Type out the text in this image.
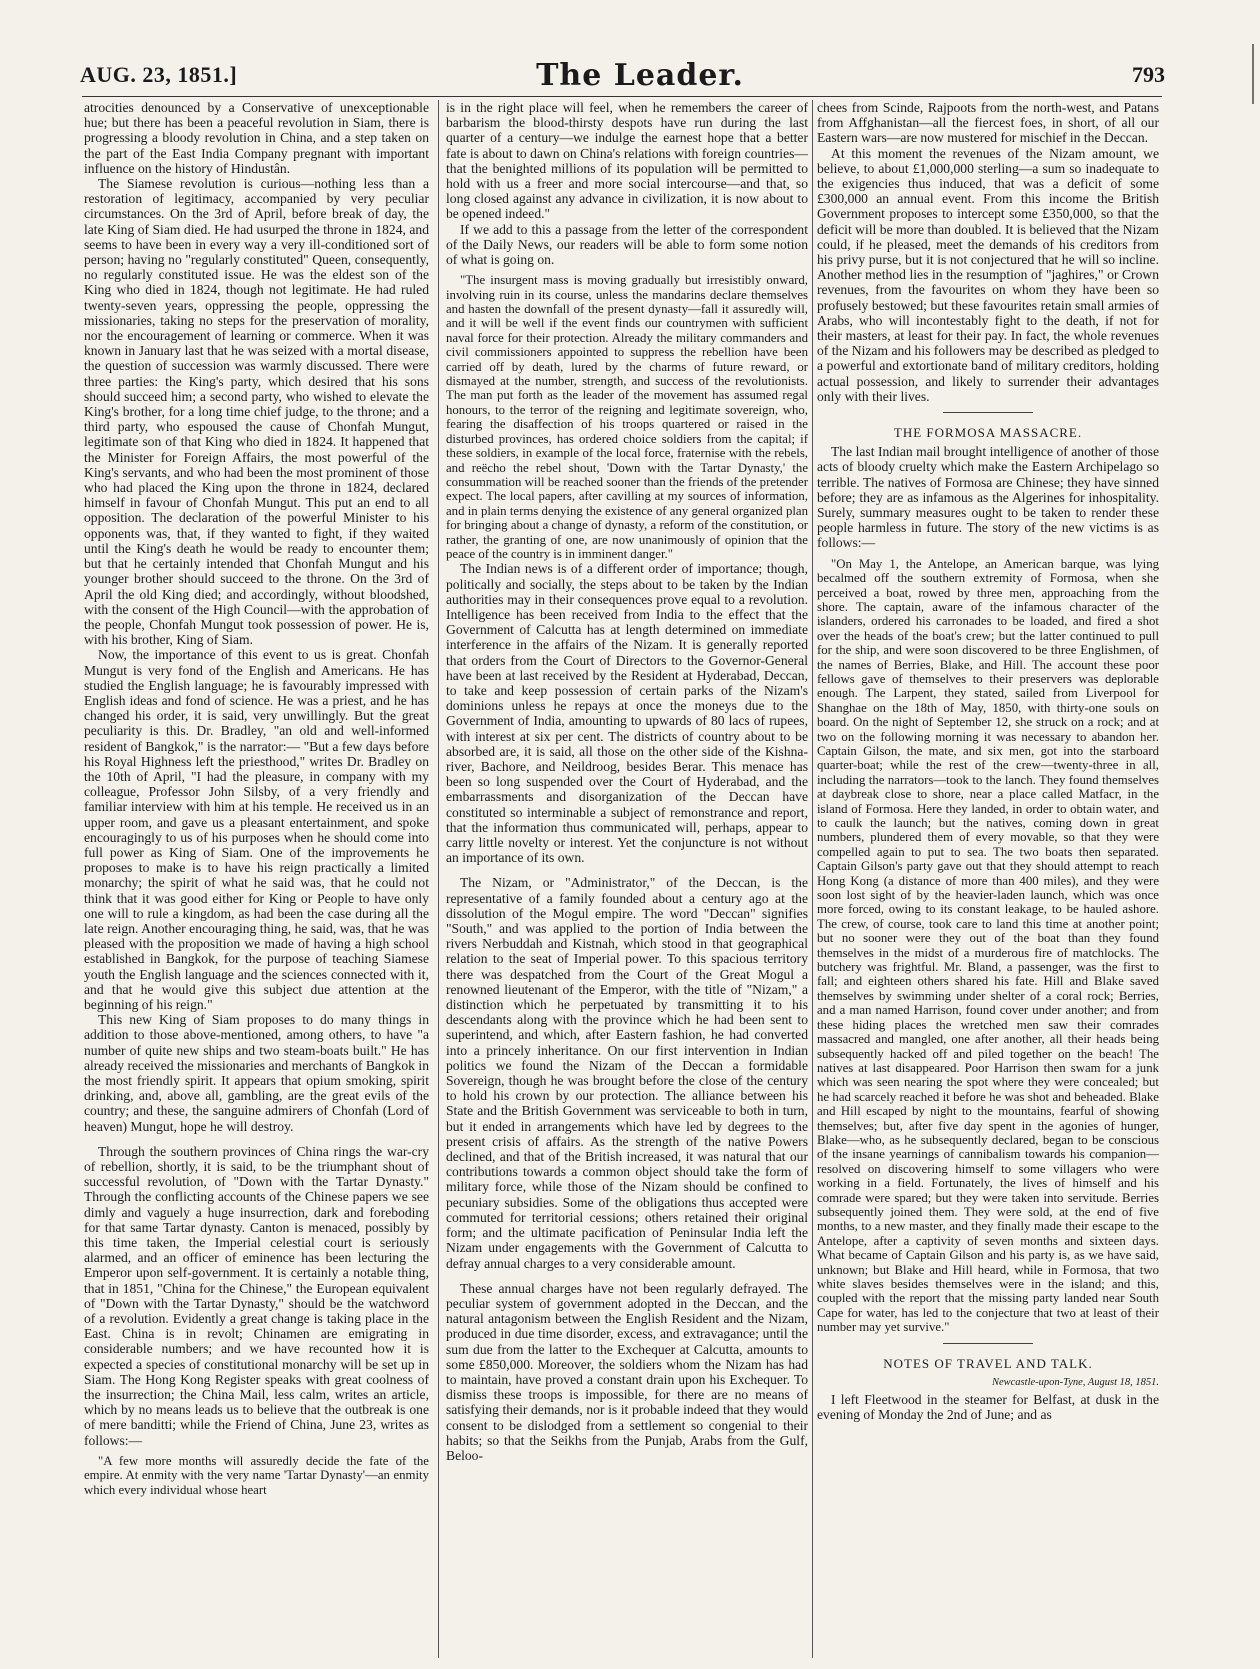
AUG. 23, 1851.]	The Leader.	793

atrocities denounced by a Conservative of unexceptionable hue; but there has been a peaceful revolution in Siam, there is progressing a bloody revolution in China, and a step taken on the part of the East India Company pregnant with important influence on the history of Hindustân.

The Siamese revolution is curious—nothing less than a restoration of legitimacy, accompanied by very peculiar circumstances. On the 3rd of April, before break of day, the late King of Siam died. He had usurped the throne in 1824, and seems to have been in every way a very ill-conditioned sort of person; having no "regularly constituted" Queen, consequently, no regularly constituted issue. He was the eldest son of the King who died in 1824, though not legitimate. He had ruled twenty-seven years, oppressing the people, oppressing the missionaries, taking no steps for the preservation of morality, nor the encouragement of learning or commerce. When it was known in January last that he was seized with a mortal disease, the question of succession was warmly discussed. There were three parties: the King's party, which desired that his sons should succeed him; a second party, who wished to elevate the King's brother, for a long time chief judge, to the throne; and a third party, who espoused the cause of Chonfah Mungut, legitimate son of that King who died in 1824. It happened that the Minister for Foreign Affairs, the most powerful of the King's servants, and who had been the most prominent of those who had placed the King upon the throne in 1824, declared himself in favour of Chonfah Mungut. This put an end to all opposition. The declaration of the powerful Minister to his opponents was, that, if they wanted to fight, if they waited until the King's death he would be ready to encounter them; but that he certainly intended that Chonfah Mungut and his younger brother should succeed to the throne. On the 3rd of April the old King died; and accordingly, without bloodshed, with the consent of the High Council—with the approbation of the people, Chonfah Mungut took possession of power. He is, with his brother, King of Siam.

Now, the importance of this event to us is great. Chonfah Mungut is very fond of the English and Americans. He has studied the English language; he is favourably impressed with English ideas and fond of science. He was a priest, and he has changed his order, it is said, very unwillingly. But the great peculiarity is this. Dr. Bradley, "an old and well-informed resident of Bangkok," is the narrator:— "But a few days before his Royal Highness left the priesthood," writes Dr. Bradley on the 10th of April, "I had the pleasure, in company with my colleague, Professor John Silsby, of a very friendly and familiar interview with him at his temple. He received us in an upper room, and gave us a pleasant entertainment, and spoke encouragingly to us of his purposes when he should come into full power as King of Siam. One of the improvements he proposes to make is to have his reign practically a limited monarchy; the spirit of what he said was, that he could not think that it was good either for King or People to have only one will to rule a kingdom, as had been the case during all the late reign. Another encouraging thing, he said, was, that he was pleased with the proposition we made of having a high school established in Bangkok, for the purpose of teaching Siamese youth the English language and the sciences connected with it, and that he would give this subject due attention at the beginning of his reign."

This new King of Siam proposes to do many things in addition to those above-mentioned, among others, to have "a number of quite new ships and two steam-boats built." He has already received the missionaries and merchants of Bangkok in the most friendly spirit. It appears that opium smoking, spirit drinking, and, above all, gambling, are the great evils of the country; and these, the sanguine admirers of Chonfah (Lord of heaven) Mungut, hope he will destroy.

Through the southern provinces of China rings the war-cry of rebellion, shortly, it is said, to be the triumphant shout of successful revolution, of "Down with the Tartar Dynasty." Through the conflicting accounts of the Chinese papers we see dimly and vaguely a huge insurrection, dark and foreboding for that same Tartar dynasty. Canton is menaced, possibly by this time taken, the Imperial celestial court is seriously alarmed, and an officer of eminence has been lecturing the Emperor upon self-government. It is certainly a notable thing, that in 1851, "China for the Chinese," the European equivalent of "Down with the Tartar Dynasty," should be the watchword of a revolution. Evidently a great change is taking place in the East. China is in revolt; Chinamen are emigrating in considerable numbers; and we have recounted how it is expected a species of constitutional monarchy will be set up in Siam. The Hong Kong Register speaks with great coolness of the insurrection; the China Mail, less calm, writes an article, which by no means leads us to believe that the outbreak is one of mere banditti; while the Friend of China, June 23, writes as follows:—

"A few more months will assuredly decide the fate of the empire. At enmity with the very name 'Tartar Dynasty'—an enmity which every individual whose heart

is in the right place will feel, when he remembers the career of barbarism the blood-thirsty despots have run during the last quarter of a century—we indulge the earnest hope that a better fate is about to dawn on China's relations with foreign countries—that the benighted millions of its population will be permitted to hold with us a freer and more social intercourse—and that, so long closed against any advance in civilization, it is now about to be opened indeed."

If we add to this a passage from the letter of the correspondent of the Daily News, our readers will be able to form some notion of what is going on.

"The insurgent mass is moving gradually but irresistibly onward, involving ruin in its course, unless the mandarins declare themselves and hasten the downfall of the present dynasty—fall it assuredly will, and it will be well if the event finds our countrymen with sufficient naval force for their protection. Already the military commanders and civil commissioners appointed to suppress the rebellion have been carried off by death, lured by the charms of future reward, or dismayed at the number, strength, and success of the revolutionists. The man put forth as the leader of the movement has assumed regal honours, to the terror of the reigning and legitimate sovereign, who, fearing the disaffection of his troops quartered or raised in the disturbed provinces, has ordered choice soldiers from the capital; if these soldiers, in example of the local force, fraternise with the rebels, and reëcho the rebel shout, 'Down with the Tartar Dynasty,' the consummation will be reached sooner than the friends of the pretender expect. The local papers, after cavilling at my sources of information, and in plain terms denying the existence of any general organized plan for bringing about a change of dynasty, a reform of the constitution, or rather, the granting of one, are now unanimously of opinion that the peace of the country is in imminent danger."

The Indian news is of a different order of importance; though, politically and socially, the steps about to be taken by the Indian authorities may in their consequences prove equal to a revolution. Intelligence has been received from India to the effect that the Government of Calcutta has at length determined on immediate interference in the affairs of the Nizam. It is generally reported that orders from the Court of Directors to the Governor-General have been at last received by the Resident at Hyderabad, Deccan, to take and keep possession of certain parks of the Nizam's dominions unless he repays at once the moneys due to the Government of India, amounting to upwards of 80 lacs of rupees, with interest at six per cent. The districts of country about to be absorbed are, it is said, all those on the other side of the Kishna-river, Bachore, and Neildroog, besides Berar. This menace has been so long suspended over the Court of Hyderabad, and the embarrassments and disorganization of the Deccan have constituted so interminable a subject of remonstrance and report, that the information thus communicated will, perhaps, appear to carry little novelty or interest. Yet the conjuncture is not without an importance of its own.

The Nizam, or "Administrator," of the Deccan, is the representative of a family founded about a century ago at the dissolution of the Mogul empire. The word "Deccan" signifies "South," and was applied to the portion of India between the rivers Nerbuddah and Kistnah, which stood in that geographical relation to the seat of Imperial power. To this spacious territory there was despatched from the Court of the Great Mogul a renowned lieutenant of the Emperor, with the title of "Nizam," a distinction which he perpetuated by transmitting it to his descendants along with the province which he had been sent to superintend, and which, after Eastern fashion, he had converted into a princely inheritance. On our first intervention in Indian politics we found the Nizam of the Deccan a formidable Sovereign, though he was brought before the close of the century to hold his crown by our protection. The alliance between his State and the British Government was serviceable to both in turn, but it ended in arrangements which have led by degrees to the present crisis of affairs. As the strength of the native Powers declined, and that of the British increased, it was natural that our contributions towards a common object should take the form of military force, while those of the Nizam should be confined to pecuniary subsidies. Some of the obligations thus accepted were commuted for territorial cessions; others retained their original form; and the ultimate pacification of Peninsular India left the Nizam under engagements with the Government of Calcutta to defray annual charges to a very considerable amount.

These annual charges have not been regularly defrayed. The peculiar system of government adopted in the Deccan, and the natural antagonism between the English Resident and the Nizam, produced in due time disorder, excess, and extravagance; until the sum due from the latter to the Exchequer at Calcutta, amounts to some £850,000. Moreover, the soldiers whom the Nizam has had to maintain, have proved a constant drain upon his Exchequer. To dismiss these troops is impossible, for there are no means of satisfying their demands, nor is it probable indeed that they would consent to be dislodged from a settlement so congenial to their habits; so that the Seikhs from the Punjab, Arabs from the Gulf, Beloo-

chees from Scinde, Rajpoots from the north-west, and Patans from Affghanistan—all the fiercest foes, in short, of all our Eastern wars—are now mustered for mischief in the Deccan.

At this moment the revenues of the Nizam amount, we believe, to about £1,000,000 sterling—a sum so inadequate to the exigencies thus induced, that was a deficit of some £300,000 an annual event. From this income the British Government proposes to intercept some £350,000, so that the deficit will be more than doubled. It is believed that the Nizam could, if he pleased, meet the demands of his creditors from his privy purse, but it is not conjectured that he will so incline. Another method lies in the resumption of "jaghires," or Crown revenues, from the favourites on whom they have been so profusely bestowed; but these favourites retain small armies of Arabs, who will incontestably fight to the death, if not for their masters, at least for their pay. In fact, the whole revenues of the Nizam and his followers may be described as pledged to a powerful and extortionate band of military creditors, holding actual possession, and likely to surrender their advantages only with their lives.

THE FORMOSA MASSACRE.

The last Indian mail brought intelligence of another of those acts of bloody cruelty which make the Eastern Archipelago so terrible. The natives of Formosa are Chinese; they have sinned before; they are as infamous as the Algerines for inhospitality. Surely, summary measures ought to be taken to render these people harmless in future. The story of the new victims is as follows:—

"On May 1, the Antelope, an American barque, was lying becalmed off the southern extremity of Formosa, when she perceived a boat, rowed by three men, approaching from the shore. The captain, aware of the infamous character of the islanders, ordered his carronades to be loaded, and fired a shot over the heads of the boat's crew; but the latter continued to pull for the ship, and were soon discovered to be three Englishmen, of the names of Berries, Blake, and Hill. The account these poor fellows gave of themselves to their preservers was deplorable enough. The Larpent, they stated, sailed from Liverpool for Shanghae on the 18th of May, 1850, with thirty-one souls on board. On the night of September 12, she struck on a rock; and at two on the following morning it was necessary to abandon her. Captain Gilson, the mate, and six men, got into the starboard quarter-boat; while the rest of the crew—twenty-three in all, including the narrators—took to the lanch. They found themselves at daybreak close to shore, near a place called Matfacr, in the island of Formosa. Here they landed, in order to obtain water, and to caulk the launch; but the natives, coming down in great numbers, plundered them of every movable, so that they were compelled again to put to sea. The two boats then separated. Captain Gilson's party gave out that they should attempt to reach Hong Kong (a distance of more than 400 miles), and they were soon lost sight of by the heavier-laden launch, which was once more forced, owing to its constant leakage, to be hauled ashore. The crew, of course, took care to land this time at another point; but no sooner were they out of the boat than they found themselves in the midst of a murderous fire of matchlocks. The butchery was frightful. Mr. Bland, a passenger, was the first to fall; and eighteen others shared his fate. Hill and Blake saved themselves by swimming under shelter of a coral rock; Berries, and a man named Harrison, found cover under another; and from these hiding places the wretched men saw their comrades massacred and mangled, one after another, all their heads being subsequently hacked off and piled together on the beach! The natives at last disappeared. Poor Harrison then swam for a junk which was seen nearing the spot where they were concealed; but he had scarcely reached it before he was shot and beheaded. Blake and Hill escaped by night to the mountains, fearful of showing themselves; but, after five day spent in the agonies of hunger, Blake—who, as he subsequently declared, began to be conscious of the insane yearnings of cannibalism towards his companion—resolved on discovering himself to some villagers who were working in a field. Fortunately, the lives of himself and his comrade were spared; but they were taken into servitude. Berries subsequently joined them. They were sold, at the end of five months, to a new master, and they finally made their escape to the Antelope, after a captivity of seven months and sixteen days. What became of Captain Gilson and his party is, as we have said, unknown; but Blake and Hill heard, while in Formosa, that two white slaves besides themselves were in the island; and this, coupled with the report that the missing party landed near South Cape for water, has led to the conjecture that two at least of their number may yet survive."

NOTES OF TRAVEL AND TALK.
Newcastle-upon-Tyne, August 18, 1851.

I left Fleetwood in the steamer for Belfast, at dusk in the evening of Monday the 2nd of June; and as
